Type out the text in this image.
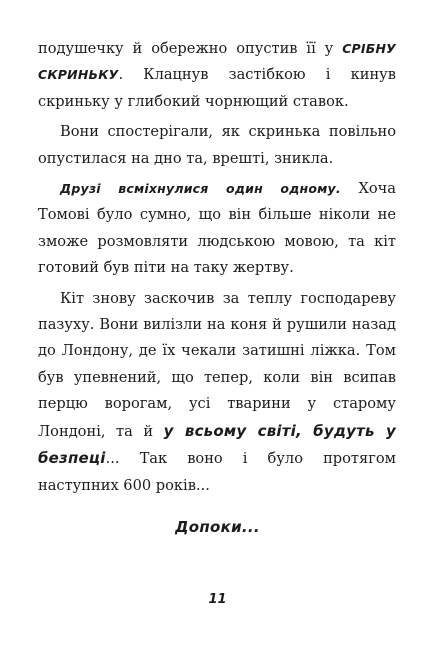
подушечку й обережно опустив її у СРІБНУ СКРИНЬКУ. Клацнув застібкою і кинув скриньку у глибокий чорнющий ставок.

Вони спостерігали, як скринька повільно опустилася на дно та, врешті, зникла.

Друзі всміхнулися один одному. Хоча Томові було сумно, що він більше ніколи не зможе розмовляти людською мовою, та кіт готовий був піти на таку жертву.

Кіт знову заскочив за теплу господареву пазуху. Вони вилізли на коня й рушили назад до Лондону, де їх чекали затишні ліжка. Том був упевнений, що тепер, коли він всипав перцю ворогам, усі тварини у старому Лондоні, та й у всьому світі, будуть у безпеці... Так воно і було протягом наступних 600 років...

Допоки...
11
